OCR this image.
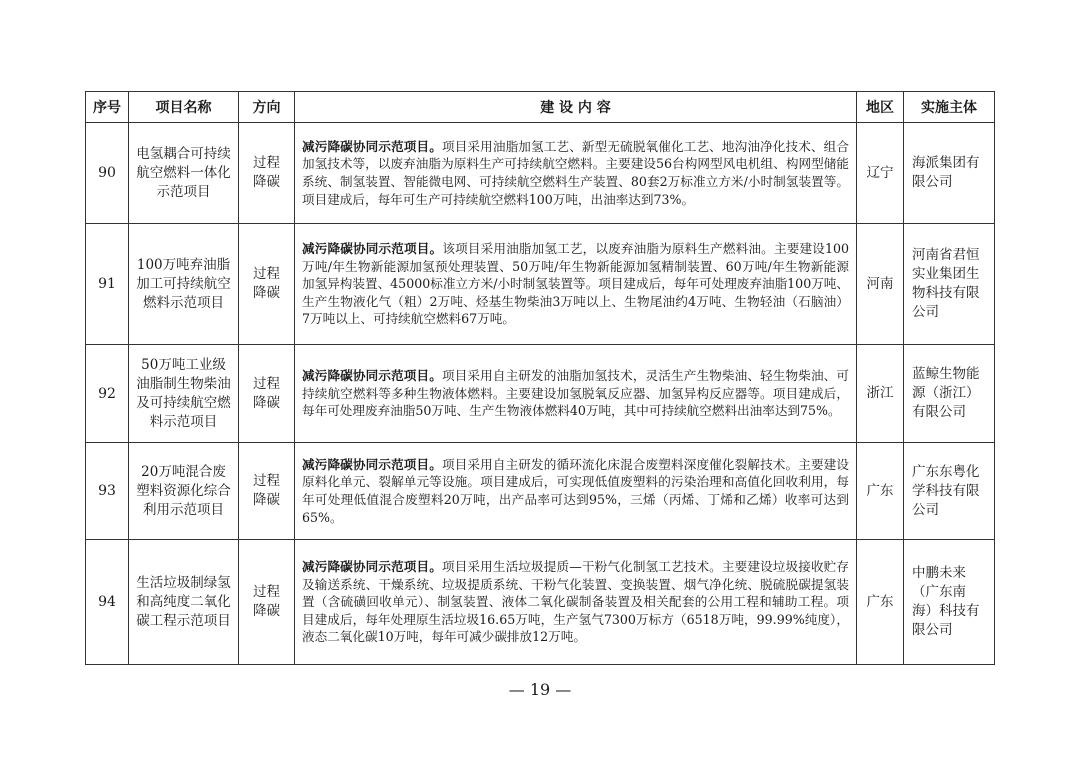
序号	项目名称	方向	建 设 内 容	地区	实施主体
90	电氢耦合可持续航空燃料一体化示范项目	过程降碳	减污降碳协同示范项目。项目采用油脂加氢工艺、新型无硫脱氧催化工艺、地沟油净化技术、组合加氢技术等，以废弃油脂为原料生产可持续航空燃料。主要建设56台构网型风电机组、构网型储能系统、制氢装置、智能微电网、可持续航空燃料生产装置、80套2万标准立方米/小时制氢装置等。项目建成后，每年可生产可持续航空燃料100万吨，出油率达到73%。	辽宁	海派集团有限公司
91	100万吨弃油脂加工可持续航空燃料示范项目	过程降碳	减污降碳协同示范项目。该项目采用油脂加氢工艺，以废弃油脂为原料生产燃料油。主要建设100万吨/年生物新能源加氢预处理装置、50万吨/年生物新能源加氢精制装置、60万吨/年生物新能源加氢异构装置、45000标准立方米/小时制氢装置等。项目建成后，每年可处理废弃油脂100万吨、生产生物液化气（粗）2万吨、烃基生物柴油3万吨以上、生物尾油约4万吨、生物轻油（石脑油）7万吨以上、可持续航空燃料67万吨。	河南	河南省君恒实业集团生物科技有限公司
92	50万吨工业级油脂制生物柴油及可持续航空燃料示范项目	过程降碳	减污降碳协同示范项目。项目采用自主研发的油脂加氢技术，灵活生产生物柴油、轻生物柴油、可持续航空燃料等多种生物液体燃料。主要建设加氢脱氧反应器、加氢异构反应器等。项目建成后，每年可处理废弃油脂50万吨、生产生物液体燃料40万吨，其中可持续航空燃料出油率达到75%。	浙江	蓝鲸生物能源（浙江）有限公司
93	20万吨混合废塑料资源化综合利用示范项目	过程降碳	减污降碳协同示范项目。项目采用自主研发的循环流化床混合废塑料深度催化裂解技术。主要建设原料化单元、裂解单元等设施。项目建成后，可实现低值废塑料的污染治理和高值化回收利用，每年可处理低值混合废塑料20万吨，出产品率可达到95%，三烯（丙烯、丁烯和乙烯）收率可达到65%。	广东	广东东粤化学科技有限公司
94	生活垃圾制绿氢和高纯度二氧化碳工程示范项目	过程降碳	减污降碳协同示范项目。项目采用生活垃圾提质—干粉气化制氢工艺技术。主要建设垃圾接收贮存及输送系统、干燥系统、垃圾提质系统、干粉气化装置、变换装置、烟气净化统、脱硫脱碳提氢装置（含硫磺回收单元）、制氢装置、液体二氧化碳制备装置及相关配套的公用工程和辅助工程。项目建成后，每年处理原生活垃圾16.65万吨，生产氢气7300万标方（6518万吨，99.99%纯度），液态二氧化碳10万吨，每年可减少碳排放12万吨。	广东	中鹏未来（广东南海）科技有限公司
— 19 —
